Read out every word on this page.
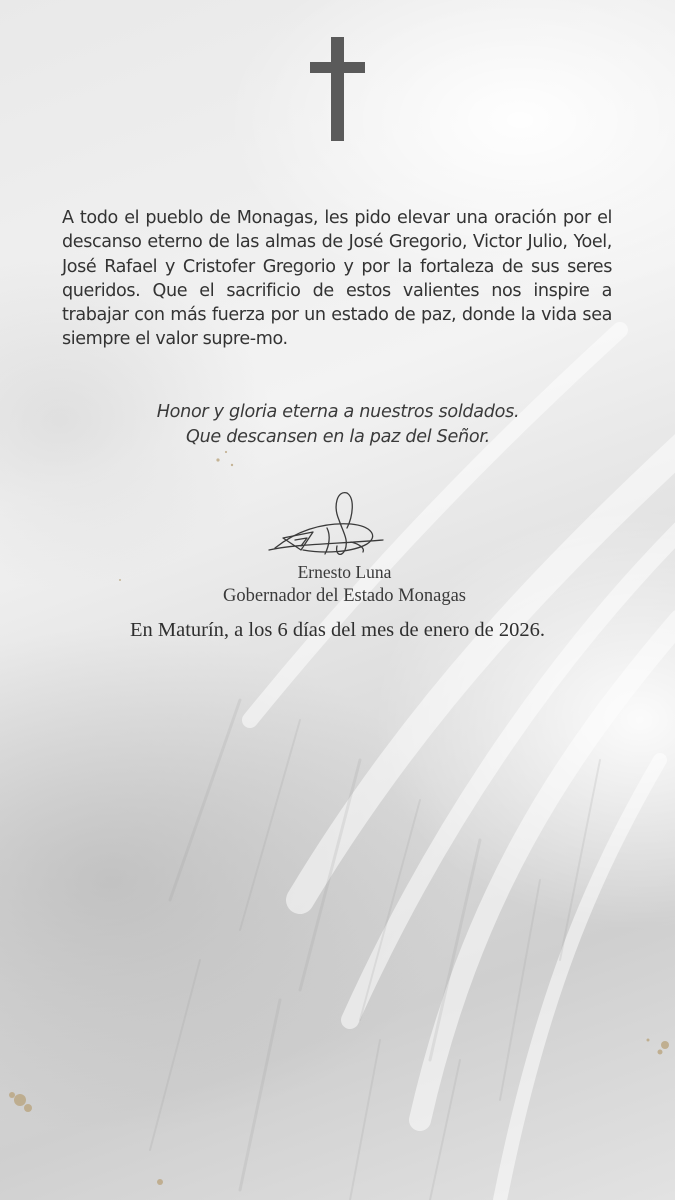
A todo el pueblo de Monagas, les pido elevar una oración por el descanso eterno de las almas de José Gregorio, Victor Julio, Yoel, José Rafael y Cristofer Gregorio y por la fortaleza de sus seres queridos. Que el sacrificio de estos valientes nos inspire a trabajar con más fuerza por un estado de paz, donde la vida sea siempre el valor supre-mo.

Honor y gloria eterna a nuestros soldados.
Que descansen en la paz del Señor.
Ernesto Luna
Gobernador del Estado Monagas
En Maturín, a los 6 días del mes de enero de 2026.
